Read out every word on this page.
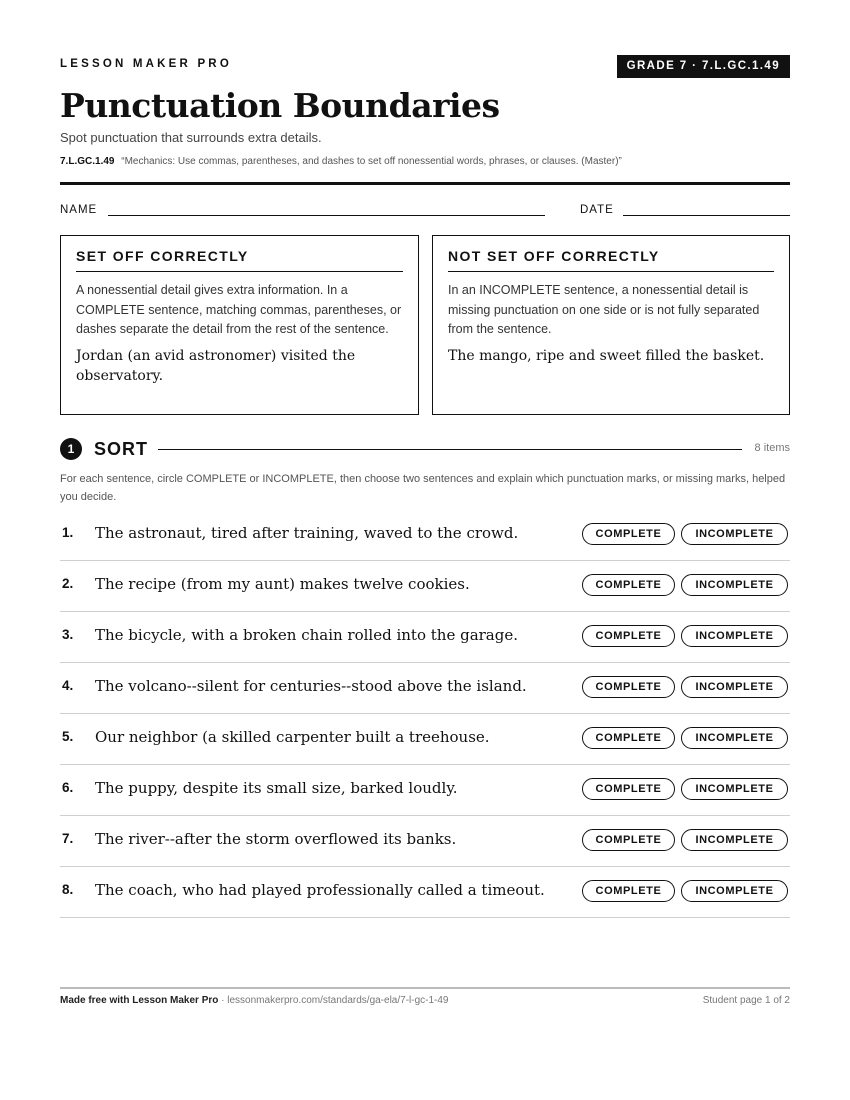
LESSON MAKER PRO	GRADE 7 · 7.L.GC.1.49
Punctuation Boundaries
Spot punctuation that surrounds extra details.
7.L.GC.1.49 “Mechanics: Use commas, parentheses, and dashes to set off nonessential words, phrases, or clauses. (Master)”
NAME	DATE
SET OFF CORRECTLY

A nonessential detail gives extra information. In a COMPLETE sentence, matching commas, parentheses, or dashes separate the detail from the rest of the sentence.

Jordan (an avid astronomer) visited the observatory.

NOT SET OFF CORRECTLY

In an INCOMPLETE sentence, a nonessential detail is missing punctuation on one side or is not fully separated from the sentence.

The mango, ripe and sweet filled the basket.

1	SORT	8 items
For each sentence, circle COMPLETE or INCOMPLETE, then choose two sentences and explain which punctuation marks, or missing marks, helped you decide.
1. The astronaut, tired after training, waved to the crowd.	COMPLETE	INCOMPLETE
2. The recipe (from my aunt) makes twelve cookies.	COMPLETE	INCOMPLETE
3. The bicycle, with a broken chain rolled into the garage.	COMPLETE	INCOMPLETE
4. The volcano--silent for centuries--stood above the island.	COMPLETE	INCOMPLETE
5. Our neighbor (a skilled carpenter built a treehouse.	COMPLETE	INCOMPLETE
6. The puppy, despite its small size, barked loudly.	COMPLETE	INCOMPLETE
7. The river--after the storm overflowed its banks.	COMPLETE	INCOMPLETE
8. The coach, who had played professionally called a timeout.	COMPLETE	INCOMPLETE
Made free with Lesson Maker Pro · lessonmakerpro.com/standards/ga-ela/7-l-gc-1-49	Student page 1 of 2
